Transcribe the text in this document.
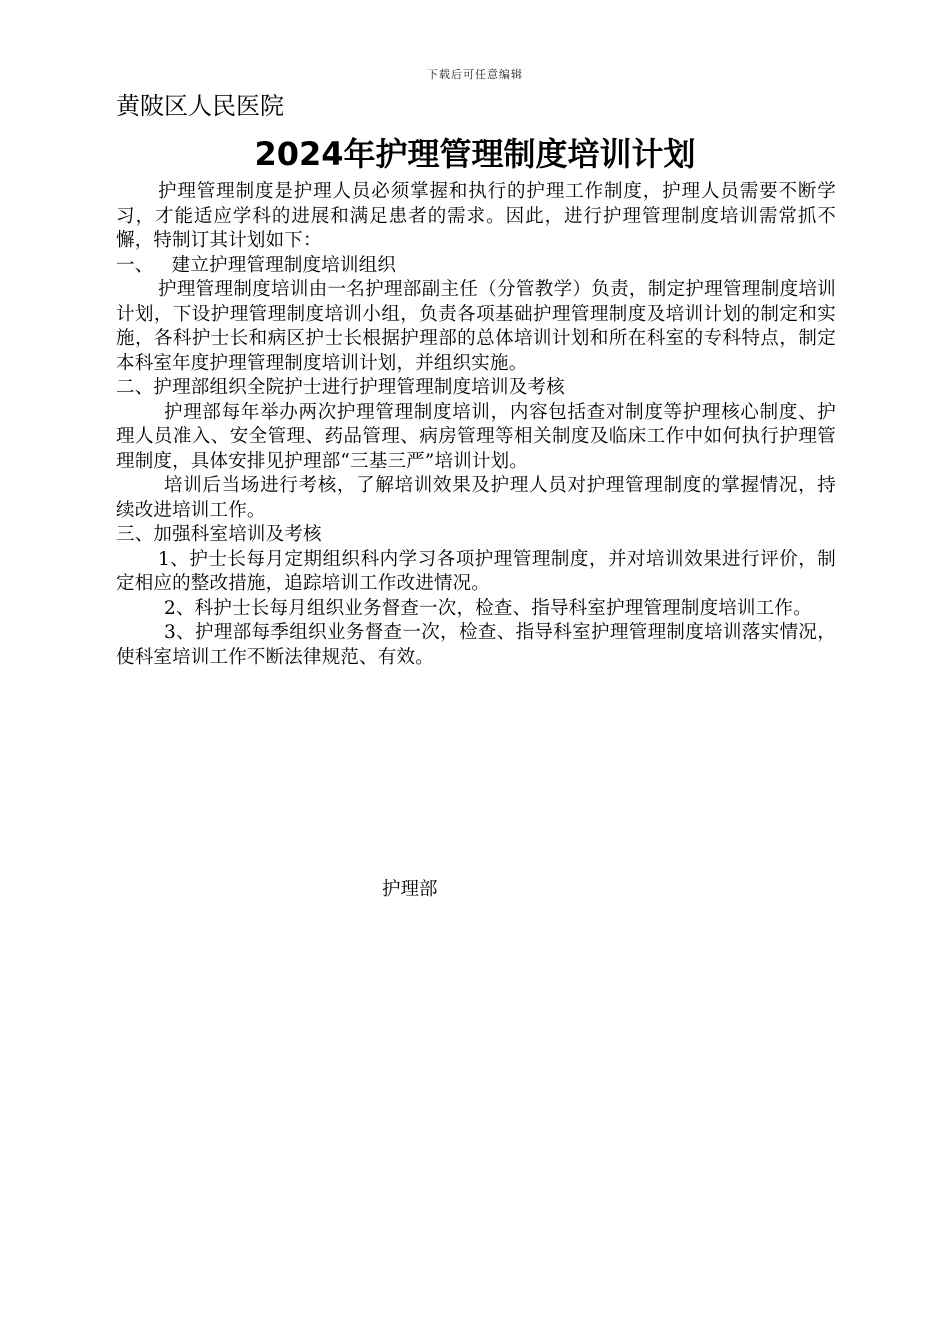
下载后可任意编辑
黄陂区人民医院
2024年护理管理制度培训计划

护理管理制度是护理人员必须掌握和执行的护理工作制度，护理人员需要不断学习，才能适应学科的进展和满足患者的需求。因此，进行护理管理制度培训需常抓不懈，特制订其计划如下：

一、   建立护理管理制度培训组织

护理管理制度培训由一名护理部副主任（分管教学）负责，制定护理管理制度培训计划，下设护理管理制度培训小组，负责各项基础护理管理制度及培训计划的制定和实施，各科护士长和病区护士长根据护理部的总体培训计划和所在科室的专科特点，制定本科室年度护理管理制度培训计划，并组织实施。

二、护理部组织全院护士进行护理管理制度培训及考核

护理部每年举办两次护理管理制度培训，内容包括查对制度等护理核心制度、护理人员准入、安全管理、药品管理、病房管理等相关制度及临床工作中如何执行护理管理制度，具体安排见护理部“三基三严”培训计划。

培训后当场进行考核，了解培训效果及护理人员对护理管理制度的掌握情况，持续改进培训工作。

三、加强科室培训及考核

1、护士长每月定期组织科内学习各项护理管理制度，并对培训效果进行评价，制定相应的整改措施，追踪培训工作改进情况。

2、科护士长每月组织业务督查一次，检查、指导科室护理管理制度培训工作。

3、护理部每季组织业务督查一次，检查、指导科室护理管理制度培训落实情况，使科室培训工作不断法律规范、有效。

护理部
